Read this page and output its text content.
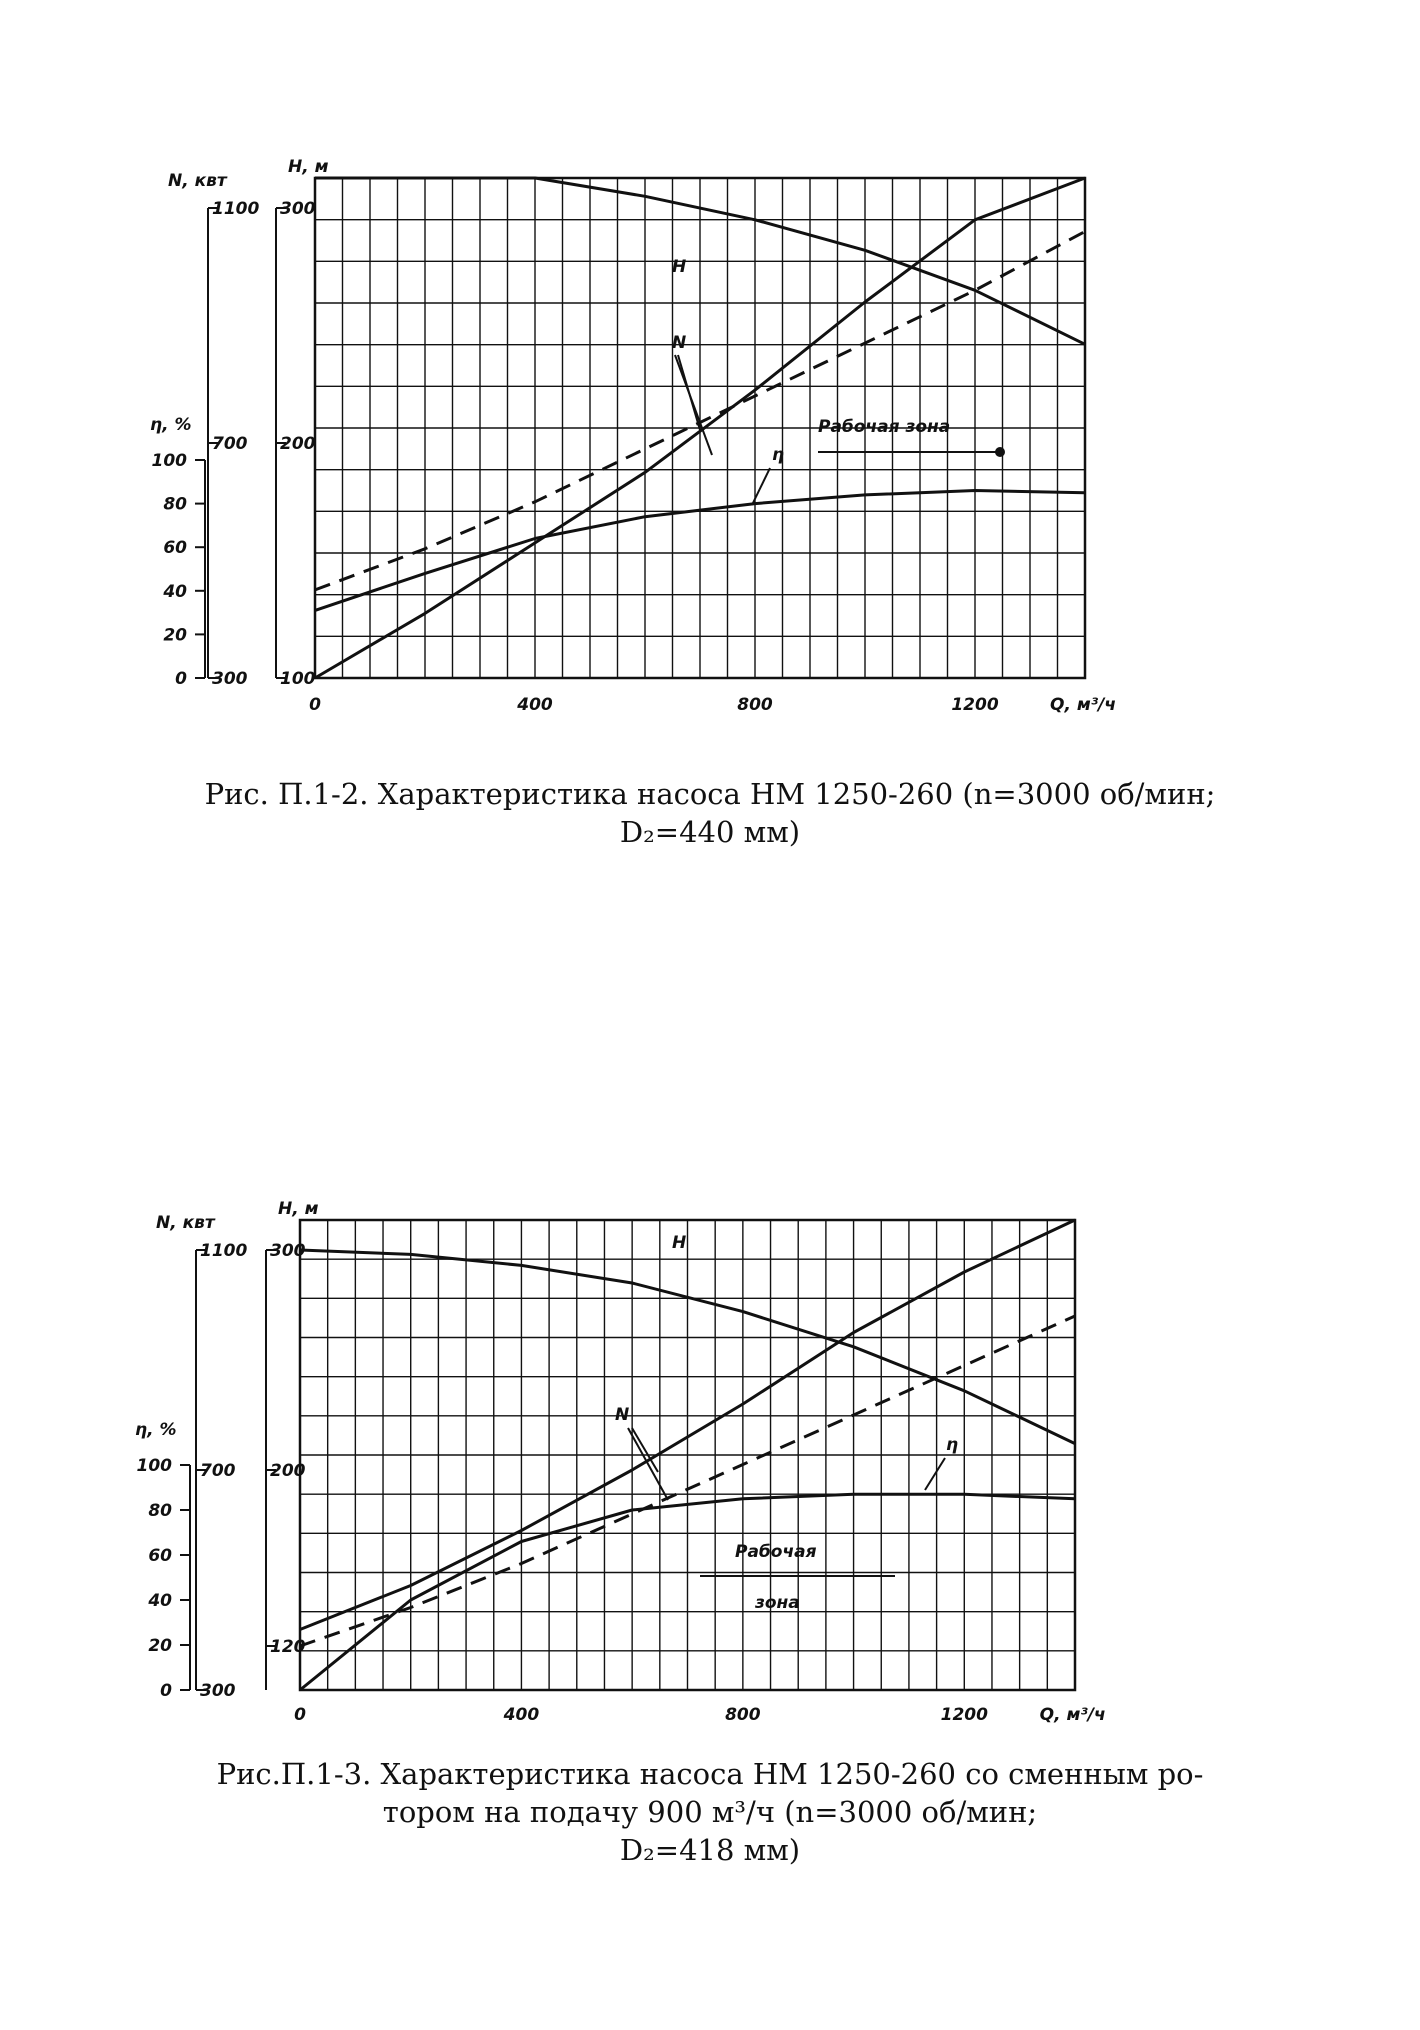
100
200
300
H, м
300
700
1100
N, квт
0
20
40
60
80
100
η, %
0	400	800	1200	Q, м³/ч
H
N
η
Рабочая зона
Рис. П.1-2. Характеристика насоса НМ 1250-260 (n=3000 об/мин;
D₂=440 мм)
120
200
300
H, м
300
700
1100
N, квт
0
20
40
60
80
100
η, %
0	400	800	1200	Q, м³/ч
H
N
η
Рабочая
зона
Рис.П.1-3. Характеристика насоса НМ 1250-260 со сменным ро-
тором на подачу 900 м³/ч (n=3000 об/мин;
D₂=418 мм)
